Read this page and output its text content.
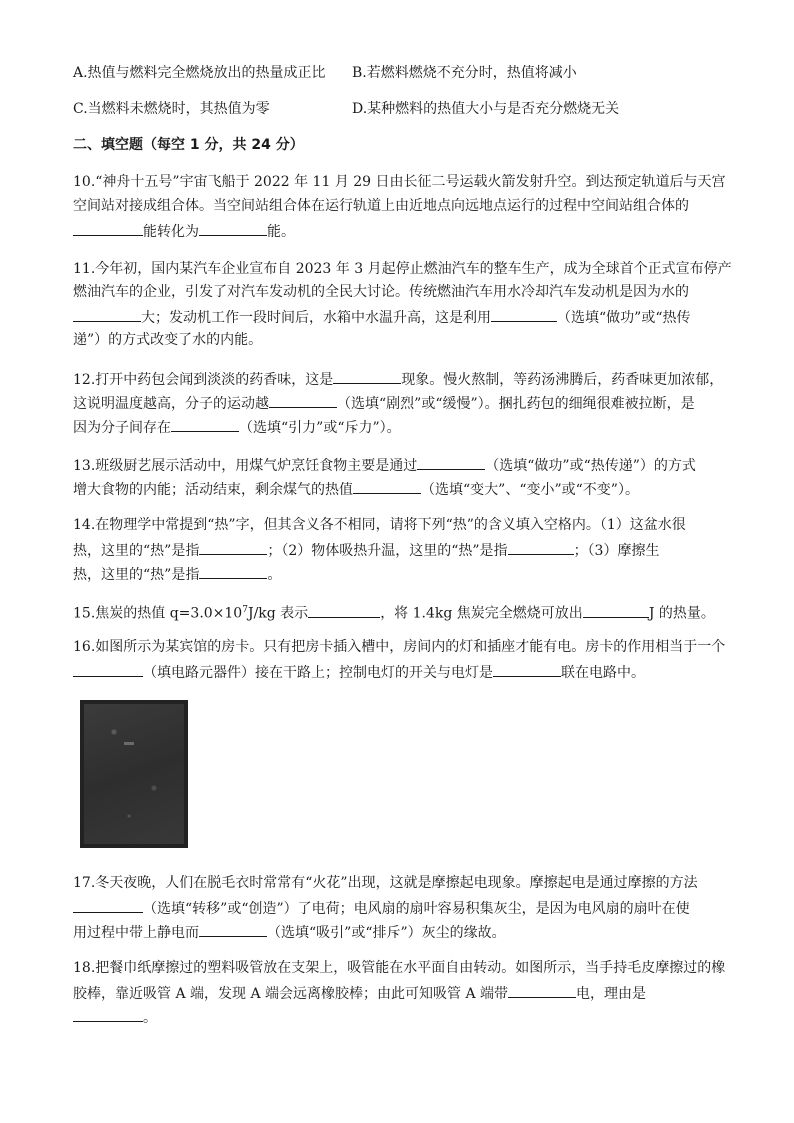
A.热值与燃料完全燃烧放出的热量成正比 B.若燃料燃烧不充分时，热值将减小
C.当燃料未燃烧时，其热值为零	D.某种燃料的热值大小与是否充分燃烧无关
二、填空题（每空 1 分，共 24 分）
10.“神舟十五号”宇宙飞船于 2022 年 11 月 29 日由长征二号运载火箭发射升空。到达预定轨道后与天宫
空间站对接成组合体。当空间站组合体在运行轨道上由近地点向远地点运行的过程中空间站组合体的
能转化为	能。
11.今年初，国内某汽车企业宣布自 2023 年 3 月起停止燃油汽车的整车生产，成为全球首个正式宣布停产
燃油汽车的企业，引发了对汽车发动机的全民大讨论。传统燃油汽车用水冷却汽车发动机是因为水的
大；发动机工作一段时间后，水箱中水温升高，这是利用	（选填“做功”或“热传
递”）的方式改变了水的内能。
12.打开中药包会闻到淡淡的药香味，这是	现象。慢火熬制，等药汤沸腾后，药香味更加浓郁，
这说明温度越高，分子的运动越	（选填“剧烈”或“缓慢”）。捆扎药包的细绳很难被拉断，是
因为分子间存在	（选填“引力”或“斥力”）。
13.班级厨艺展示活动中，用煤气炉烹饪食物主要是通过	（选填“做功”或“热传递”）的方式
增大食物的内能；活动结束，剩余煤气的热值	（选填“变大”、“变小”或“不变”）。
14.在物理学中常提到“热”字，但其含义各不相同，请将下列“热”的含义填入空格内。（1）这盆水很
热，这里的“热”是指	；（2）物体吸热升温，这里的“热”是指	；（3）摩擦生
热，这里的“热”是指	。
15.焦炭的热值 $q=3.0\times 10^7J/kg$ 表示	，将 1.4kg 焦炭完全燃烧可放出	J 的热量。
16.如图所示为某宾馆的房卡。只有把房卡插入槽中，房间内的灯和插座才能有电。房卡的作用相当于一个
（填电路元器件）接在干路上；控制电灯的开关与电灯是	联在电路中。
17.冬天夜晚，人们在脱毛衣时常常有“火花”出现，这就是摩擦起电现象。摩擦起电是通过摩擦的方法
（选填“转移”或“创造”）了电荷；电风扇的扇叶容易积集灰尘，是因为电风扇的扇叶在使
用过程中带上静电而	（选填“吸引”或“排斥”）灰尘的缘故。
18.把餐巾纸摩擦过的塑料吸管放在支架上，吸管能在水平面自由转动。如图所示，当手持毛皮摩擦过的橡
胶棒，靠近吸管 A 端，发现 A 端会远离橡胶棒；由此可知吸管 A 端带	电，理由是
。
